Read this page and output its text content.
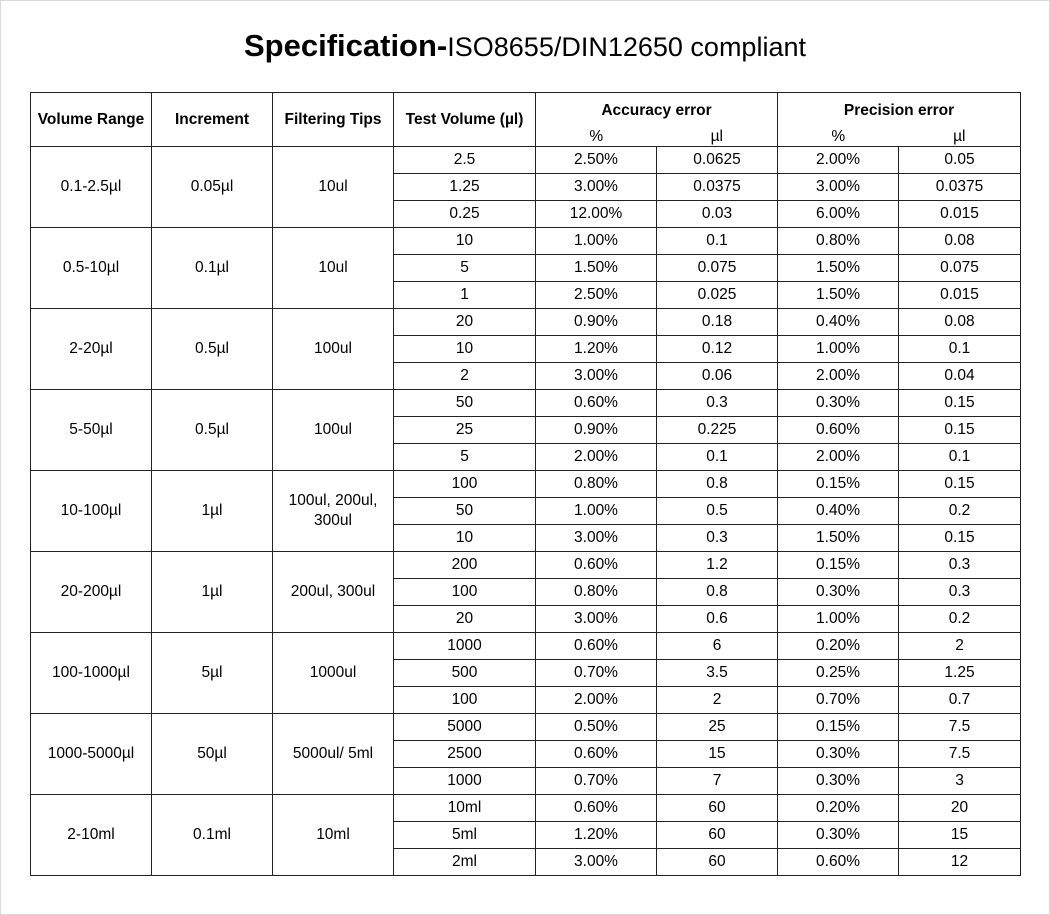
Specification-ISO8655/DIN12650 compliant
Volume Range	Increment	Filtering Tips	Test Volume (µl)	Accuracy error		Precision error	
				%	µl	%	µl
0.1-2.5µl	0.05µl	10ul	2.5	2.50%	0.0625	2.00%	0.05
			1.25	3.00%	0.0375	3.00%	0.0375
			0.25	12.00%	0.03	6.00%	0.015
0.5-10µl	0.1µl	10ul	10	1.00%	0.1	0.80%	0.08
			5	1.50%	0.075	1.50%	0.075
			1	2.50%	0.025	1.50%	0.015
2-20µl	0.5µl	100ul	20	0.90%	0.18	0.40%	0.08
			10	1.20%	0.12	1.00%	0.1
			2	3.00%	0.06	2.00%	0.04
5-50µl	0.5µl	100ul	50	0.60%	0.3	0.30%	0.15
			25	0.90%	0.225	0.60%	0.15
			5	2.00%	0.1	2.00%	0.1
10-100µl	1µl	100ul, 200ul,
300ul	100	0.80%	0.8	0.15%	0.15
			50	1.00%	0.5	0.40%	0.2
			10	3.00%	0.3	1.50%	0.15
20-200µl	1µl	200ul, 300ul	200	0.60%	1.2	0.15%	0.3
			100	0.80%	0.8	0.30%	0.3
			20	3.00%	0.6	1.00%	0.2
100-1000µl	5µl	1000ul	1000	0.60%	6	0.20%	2
			500	0.70%	3.5	0.25%	1.25
			100	2.00%	2	0.70%	0.7
1000-5000µl	50µl	5000ul/ 5ml	5000	0.50%	25	0.15%	7.5
			2500	0.60%	15	0.30%	7.5
			1000	0.70%	7	0.30%	3
2-10ml	0.1ml	10ml	10ml	0.60%	60	0.20%	20
			5ml	1.20%	60	0.30%	15
			2ml	3.00%	60	0.60%	12
